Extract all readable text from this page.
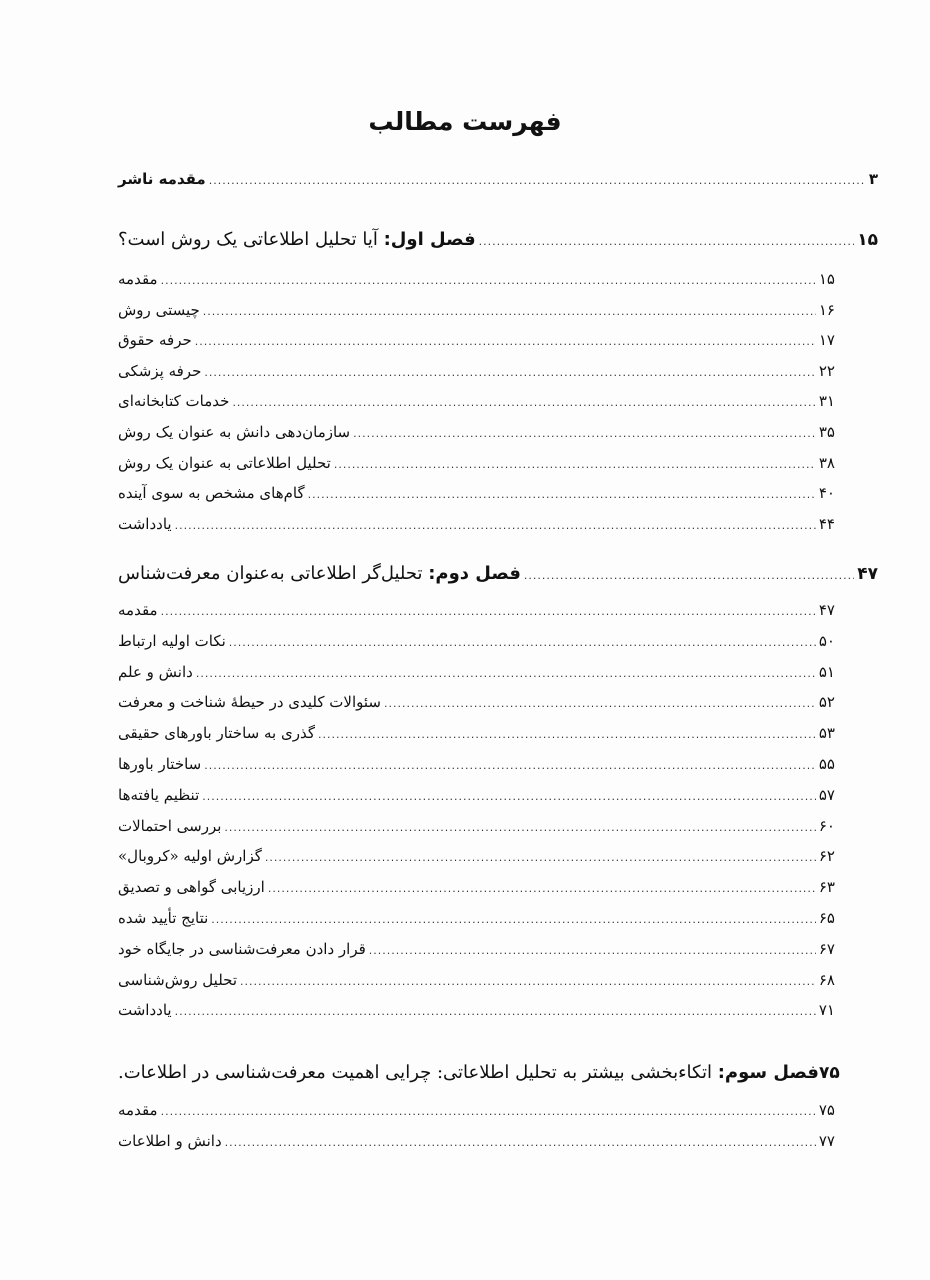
فهرست مطالب
مقدمه ناشر .....	۳
فصل اول: آیا تحلیل اطلاعاتی یک روش است؟ .....	۱۵
مقدمه .....	۱۵
چیستی روش .....	۱۶
حرفه حقوق .....	۱۷
حرفه پزشکی .....	۲۲
خدمات کتابخانه‌ای .....	۳۱
سازمان‌دهی دانش به عنوان یک روش .....	۳۵
تحلیل اطلاعاتی به عنوان یک روش .....	۳۸
گام‌های مشخص به سوی آینده .....	۴۰
یادداشت .....	۴۴
فصل دوم: تحلیل‌گر اطلاعاتی به‌عنوان معرفت‌شناس .....	۴۷
مقدمه .....	۴۷
نکات اولیه ارتباط .....	۵۰
دانش و علم .....	۵۱
سئوالات کلیدی در حیطهٔ شناخت و معرفت .....	۵۲
گذری به ساختار باورهای حقیقی .....	۵۳
ساختار باورها .....	۵۵
تنظیم یافته‌ها .....	۵۷
بررسی احتمالات .....	۶۰
گزارش اولیه «کروبال» .....	۶۲
ارزیابی گواهی و تصدیق .....	۶۳
نتایج تأیید شده .....	۶۵
قرار دادن معرفت‌شناسی در جایگاه خود .....	۶۷
تحلیل روش‌شناسی .....	۶۸
یادداشت .....	۷۱
فصل سوم: اتکاءبخشی بیشتر به تحلیل اطلاعاتی: چرایی اهمیت معرفت‌شناسی در اطلاعات.	۷۵
مقدمه .....	۷۵
دانش و اطلاعات .....	۷۷
